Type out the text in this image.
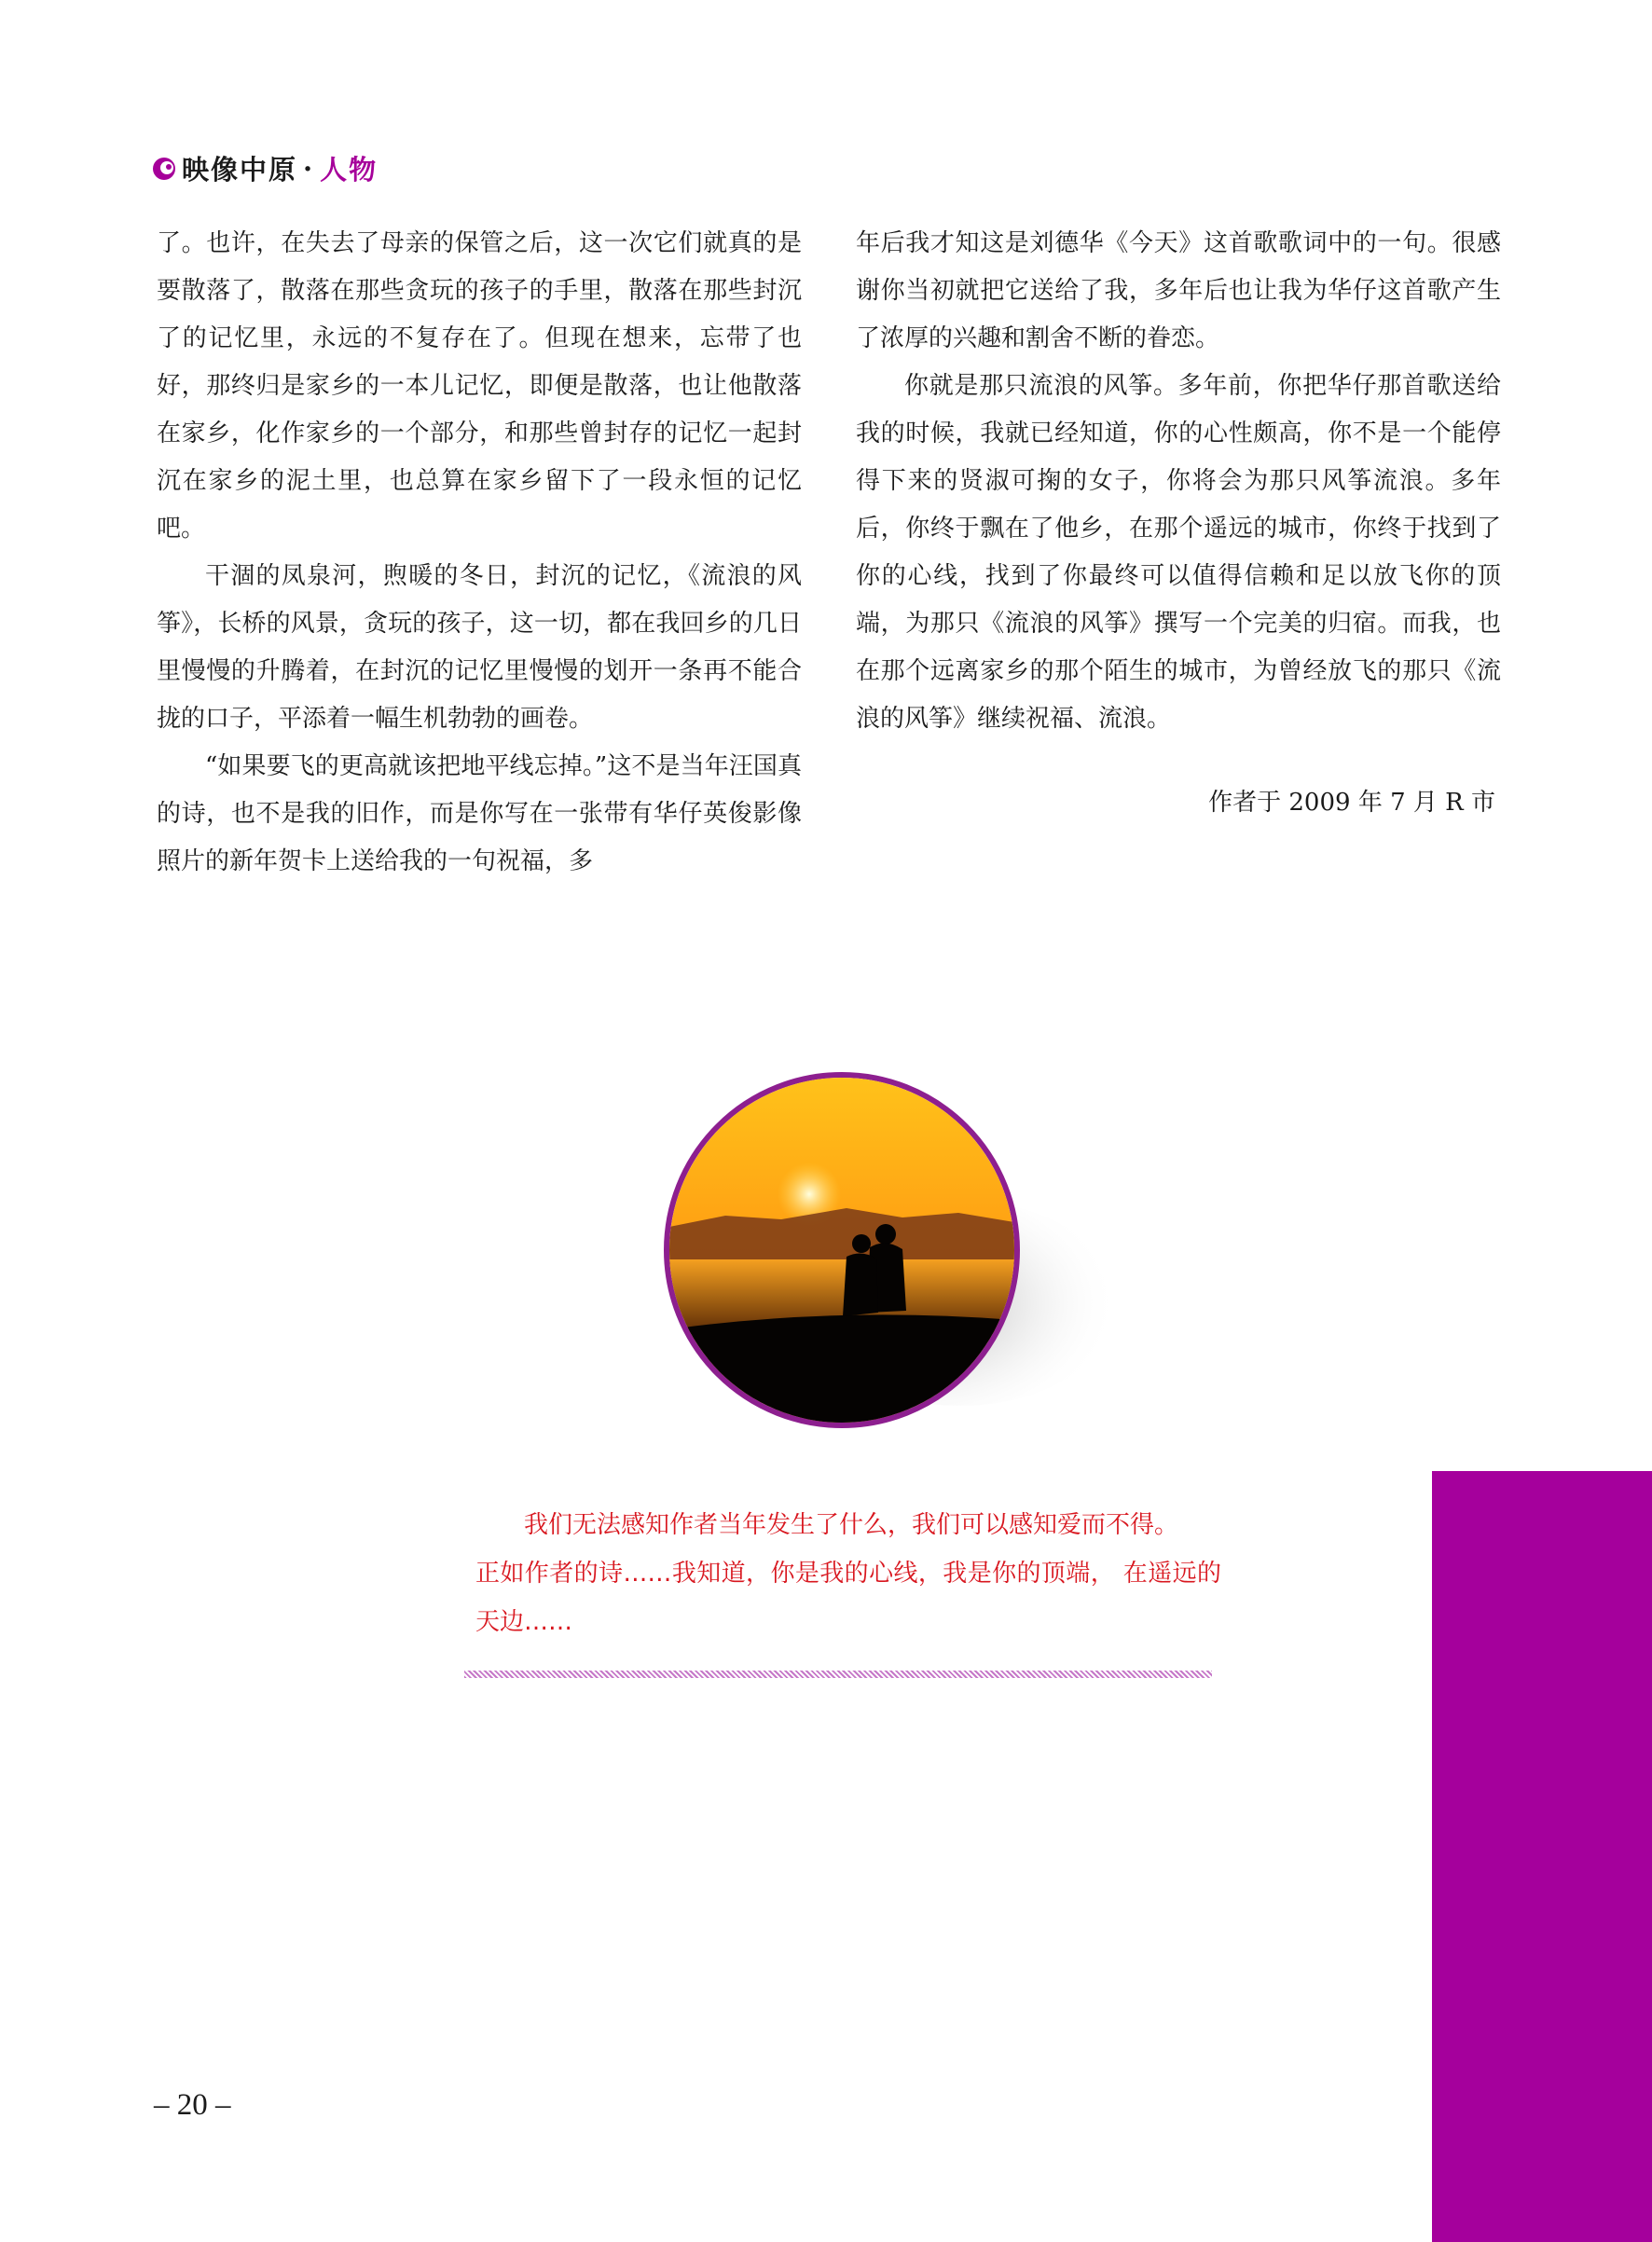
映像中原 · 人物

了。也许，在失去了母亲的保管之后，这一次它们就真的是要散落了，散落在那些贪玩的孩子的手里，散落在那些封沉了的记忆里，永远的不复存在了。但现在想来，忘带了也好，那终归是家乡的一本儿记忆，即便是散落，也让他散落在家乡，化作家乡的一个部分，和那些曾封存的记忆一起封沉在家乡的泥土里，也总算在家乡留下了一段永恒的记忆吧。

干涸的凤泉河，煦暖的冬日，封沉的记忆，《流浪的风筝》，长桥的风景，贪玩的孩子，这一切，都在我回乡的几日里慢慢的升腾着，在封沉的记忆里慢慢的划开一条再不能合拢的口子，平添着一幅生机勃勃的画卷。

“如果要飞的更高就该把地平线忘掉。”这不是当年汪国真的诗，也不是我的旧作，而是你写在一张带有华仔英俊影像照片的新年贺卡上送给我的一句祝福，多

年后我才知这是刘德华《今天》这首歌歌词中的一句。很感谢你当初就把它送给了我，多年后也让我为华仔这首歌产生了浓厚的兴趣和割舍不断的眷恋。

你就是那只流浪的风筝。多年前，你把华仔那首歌送给我的时候，我就已经知道，你的心性颇高，你不是一个能停得下来的贤淑可掬的女子，你将会为那只风筝流浪。多年后，你终于飘在了他乡，在那个遥远的城市，你终于找到了你的心线，找到了你最终可以值得信赖和足以放飞你的顶端，为那只《流浪的风筝》撰写一个完美的归宿。而我，也在那个远离家乡的那个陌生的城市，为曾经放飞的那只《流浪的风筝》继续祝福、流浪。

作者于 2009 年 7 月 R 市
我们无法感知作者当年发生了什么，我们可以感知爱而不得。
正如作者的诗……我知道，你是我的心线，我是你的顶端， 在遥远的天边……
– 20 –
